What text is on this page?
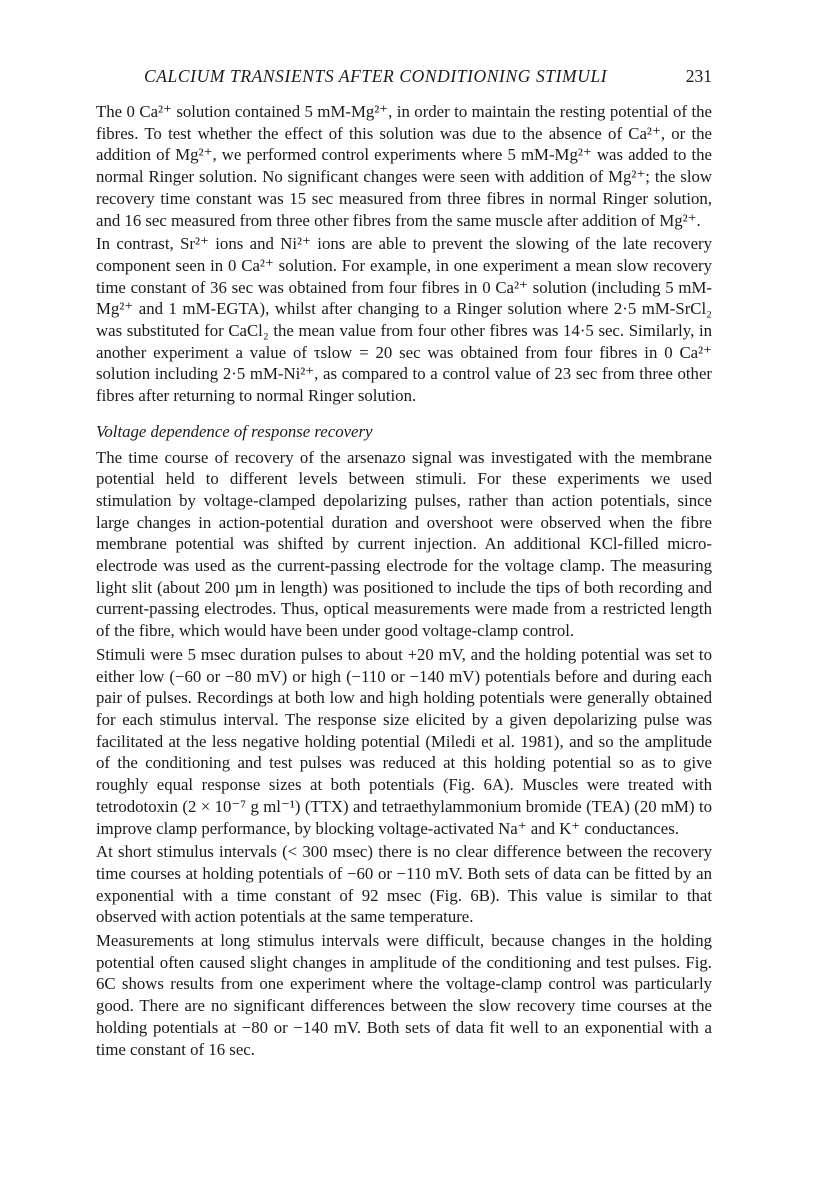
CALCIUM TRANSIENTS AFTER CONDITIONING STIMULI	231

The 0 Ca²⁺ solution contained 5 mM-Mg²⁺, in order to maintain the resting potential of the fibres. To test whether the effect of this solution was due to the absence of Ca²⁺, or the addition of Mg²⁺, we performed control experiments where 5 mM-Mg²⁺ was added to the normal Ringer solution. No significant changes were seen with addition of Mg²⁺; the slow recovery time constant was 15 sec measured from three fibres in normal Ringer solution, and 16 sec measured from three other fibres from the same muscle after addition of Mg²⁺.

In contrast, Sr²⁺ ions and Ni²⁺ ions are able to prevent the slowing of the late recovery component seen in 0 Ca²⁺ solution. For example, in one experiment a mean slow recovery time constant of 36 sec was obtained from four fibres in 0 Ca²⁺ solution (including 5 mM-Mg²⁺ and 1 mM-EGTA), whilst after changing to a Ringer solution where 2·5 mM-SrCl₂ was substituted for CaCl₂ the mean value from four other fibres was 14·5 sec. Similarly, in another experiment a value of τslow = 20 sec was obtained from four fibres in 0 Ca²⁺ solution including 2·5 mM-Ni²⁺, as compared to a control value of 23 sec from three other fibres after returning to normal Ringer solution.

Voltage dependence of response recovery

The time course of recovery of the arsenazo signal was investigated with the membrane potential held to different levels between stimuli. For these experiments we used stimulation by voltage-clamped depolarizing pulses, rather than action potentials, since large changes in action-potential duration and overshoot were observed when the fibre membrane potential was shifted by current injection. An additional KCl-filled micro-electrode was used as the current-passing electrode for the voltage clamp. The measuring light slit (about 200 µm in length) was positioned to include the tips of both recording and current-passing electrodes. Thus, optical measurements were made from a restricted length of the fibre, which would have been under good voltage-clamp control.

Stimuli were 5 msec duration pulses to about +20 mV, and the holding potential was set to either low (−60 or −80 mV) or high (−110 or −140 mV) potentials before and during each pair of pulses. Recordings at both low and high holding potentials were generally obtained for each stimulus interval. The response size elicited by a given depolarizing pulse was facilitated at the less negative holding potential (Miledi et al. 1981), and so the amplitude of the conditioning and test pulses was reduced at this holding potential so as to give roughly equal response sizes at both potentials (Fig. 6A). Muscles were treated with tetrodotoxin (2 × 10⁻⁷ g ml⁻¹) (TTX) and tetraethylammonium bromide (TEA) (20 mM) to improve clamp performance, by blocking voltage-activated Na⁺ and K⁺ conductances.

At short stimulus intervals (< 300 msec) there is no clear difference between the recovery time courses at holding potentials of −60 or −110 mV. Both sets of data can be fitted by an exponential with a time constant of 92 msec (Fig. 6B). This value is similar to that observed with action potentials at the same temperature.

Measurements at long stimulus intervals were difficult, because changes in the holding potential often caused slight changes in amplitude of the conditioning and test pulses. Fig. 6C shows results from one experiment where the voltage-clamp control was particularly good. There are no significant differences between the slow recovery time courses at the holding potentials at −80 or −140 mV. Both sets of data fit well to an exponential with a time constant of 16 sec.
